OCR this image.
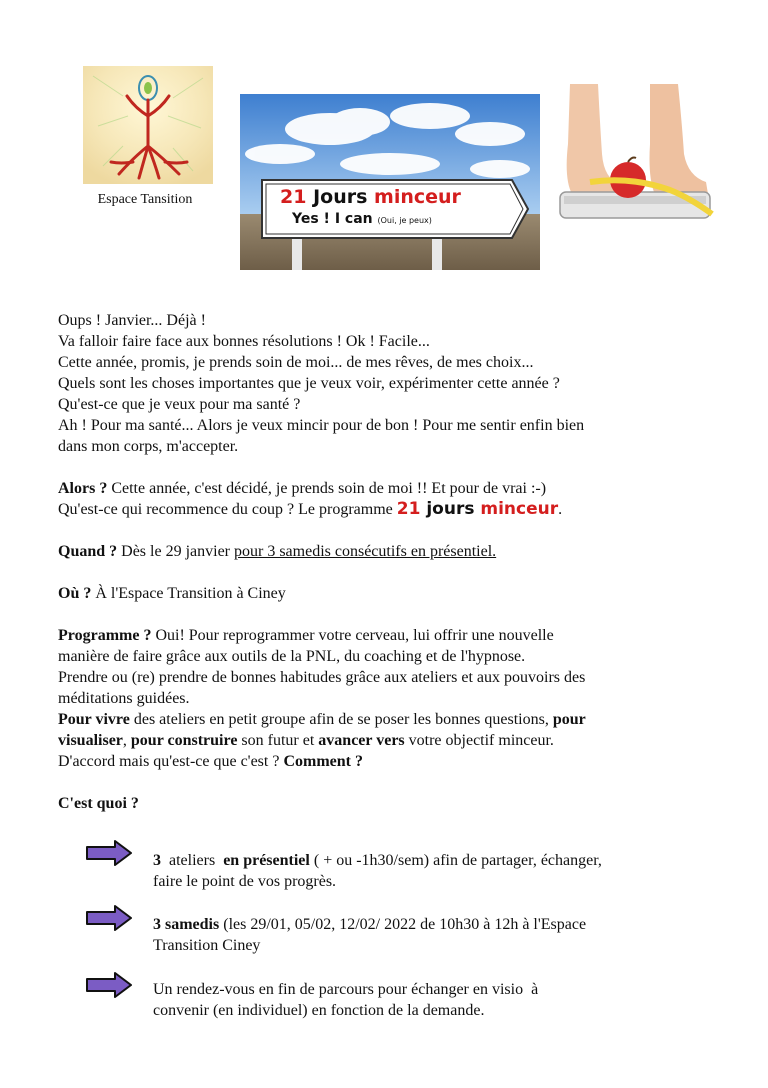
Espace Tansition	21 Jours minceur
Yes ! I can (Oui, je peux)

Oups ! Janvier... Déjà !

Va falloir faire face aux bonnes résolutions ! Ok ! Facile...

Cette année, promis, je prends soin de moi... de mes rêves, de mes choix...

Quels sont les choses importantes que je veux voir, expérimenter cette année ?

Qu'est-ce que je veux pour ma santé ?

Ah ! Pour ma santé... Alors je veux mincir pour de bon ! Pour me sentir enfin bien

dans mon corps, m'accepter.

Alors ? Cette année, c'est décidé, je prends soin de moi !! Et pour de vrai :-)

Qu'est-ce qui recommence du coup ? Le programme 21 jours minceur.

Quand ? Dès le 29 janvier pour 3 samedis consécutifs en présentiel.

Où ? À l'Espace Transition à Ciney

Programme ? Oui! Pour reprogrammer votre cerveau, lui offrir une nouvelle

manière de faire grâce aux outils de la PNL, du coaching et de l'hypnose.

Prendre ou (re) prendre de bonnes habitudes grâce aux ateliers et aux pouvoirs des

méditations guidées.

Pour vivre des ateliers en petit groupe afin de se poser les bonnes questions, pour

visualiser, pour construire son futur et avancer vers votre objectif minceur.

D'accord mais qu'est-ce que c'est ? Comment ?

C'est quoi ?

3  ateliers  en présentiel ( + ou -1h30/sem) afin de partager, échanger,
faire le point de vos progrès.
3 samedis (les 29/01, 05/02, 12/02/ 2022 de 10h30 à 12h à l'Espace
Transition Ciney
Un rendez-vous en fin de parcours pour échanger en visio  à
convenir (en individuel) en fonction de la demande.
